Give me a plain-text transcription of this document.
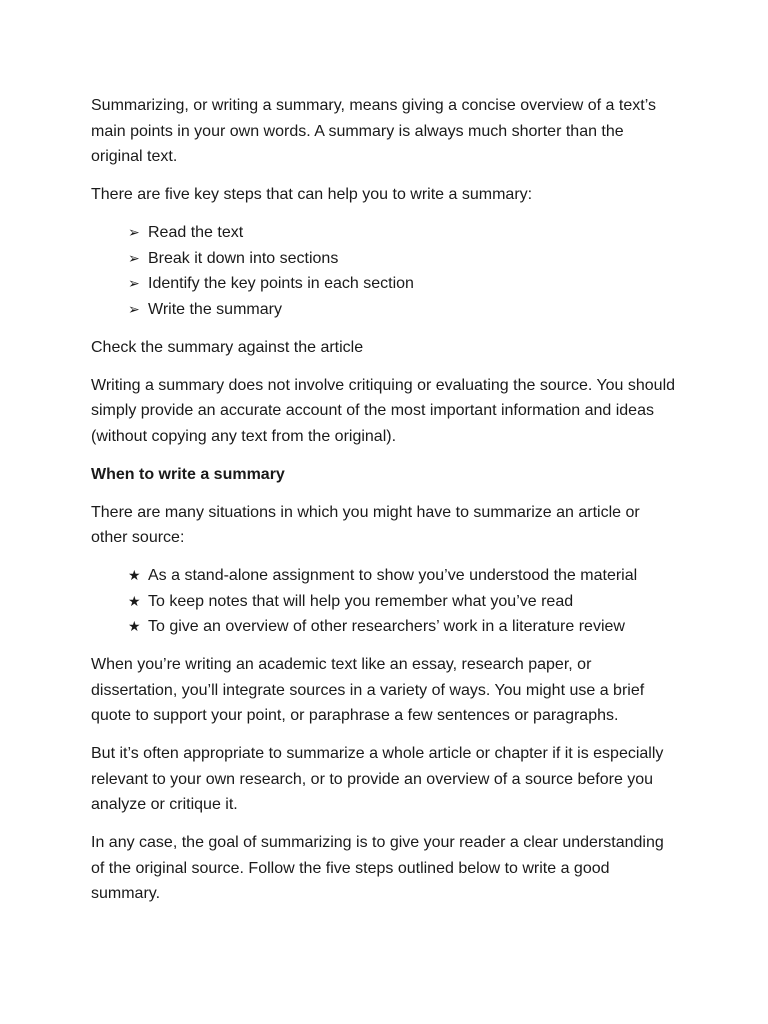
Summarizing, or writing a summary, means giving a concise overview of a text’s main points in your own words. A summary is always much shorter than the original text.

There are five key steps that can help you to write a summary:

➢ Read the text
➢ Break it down into sections
➢ Identify the key points in each section
➢ Write the summary

Check the summary against the article

Writing a summary does not involve critiquing or evaluating the source. You should simply provide an accurate account of the most important information and ideas (without copying any text from the original).

When to write a summary

There are many situations in which you might have to summarize an article or other source:

★ As a stand-alone assignment to show you’ve understood the material
★ To keep notes that will help you remember what you’ve read
★ To give an overview of other researchers’ work in a literature review

When you’re writing an academic text like an essay, research paper, or dissertation, you’ll integrate sources in a variety of ways. You might use a brief quote to support your point, or paraphrase a few sentences or paragraphs.

But it’s often appropriate to summarize a whole article or chapter if it is especially relevant to your own research, or to provide an overview of a source before you analyze or critique it.

In any case, the goal of summarizing is to give your reader a clear understanding of the original source. Follow the five steps outlined below to write a good summary.
